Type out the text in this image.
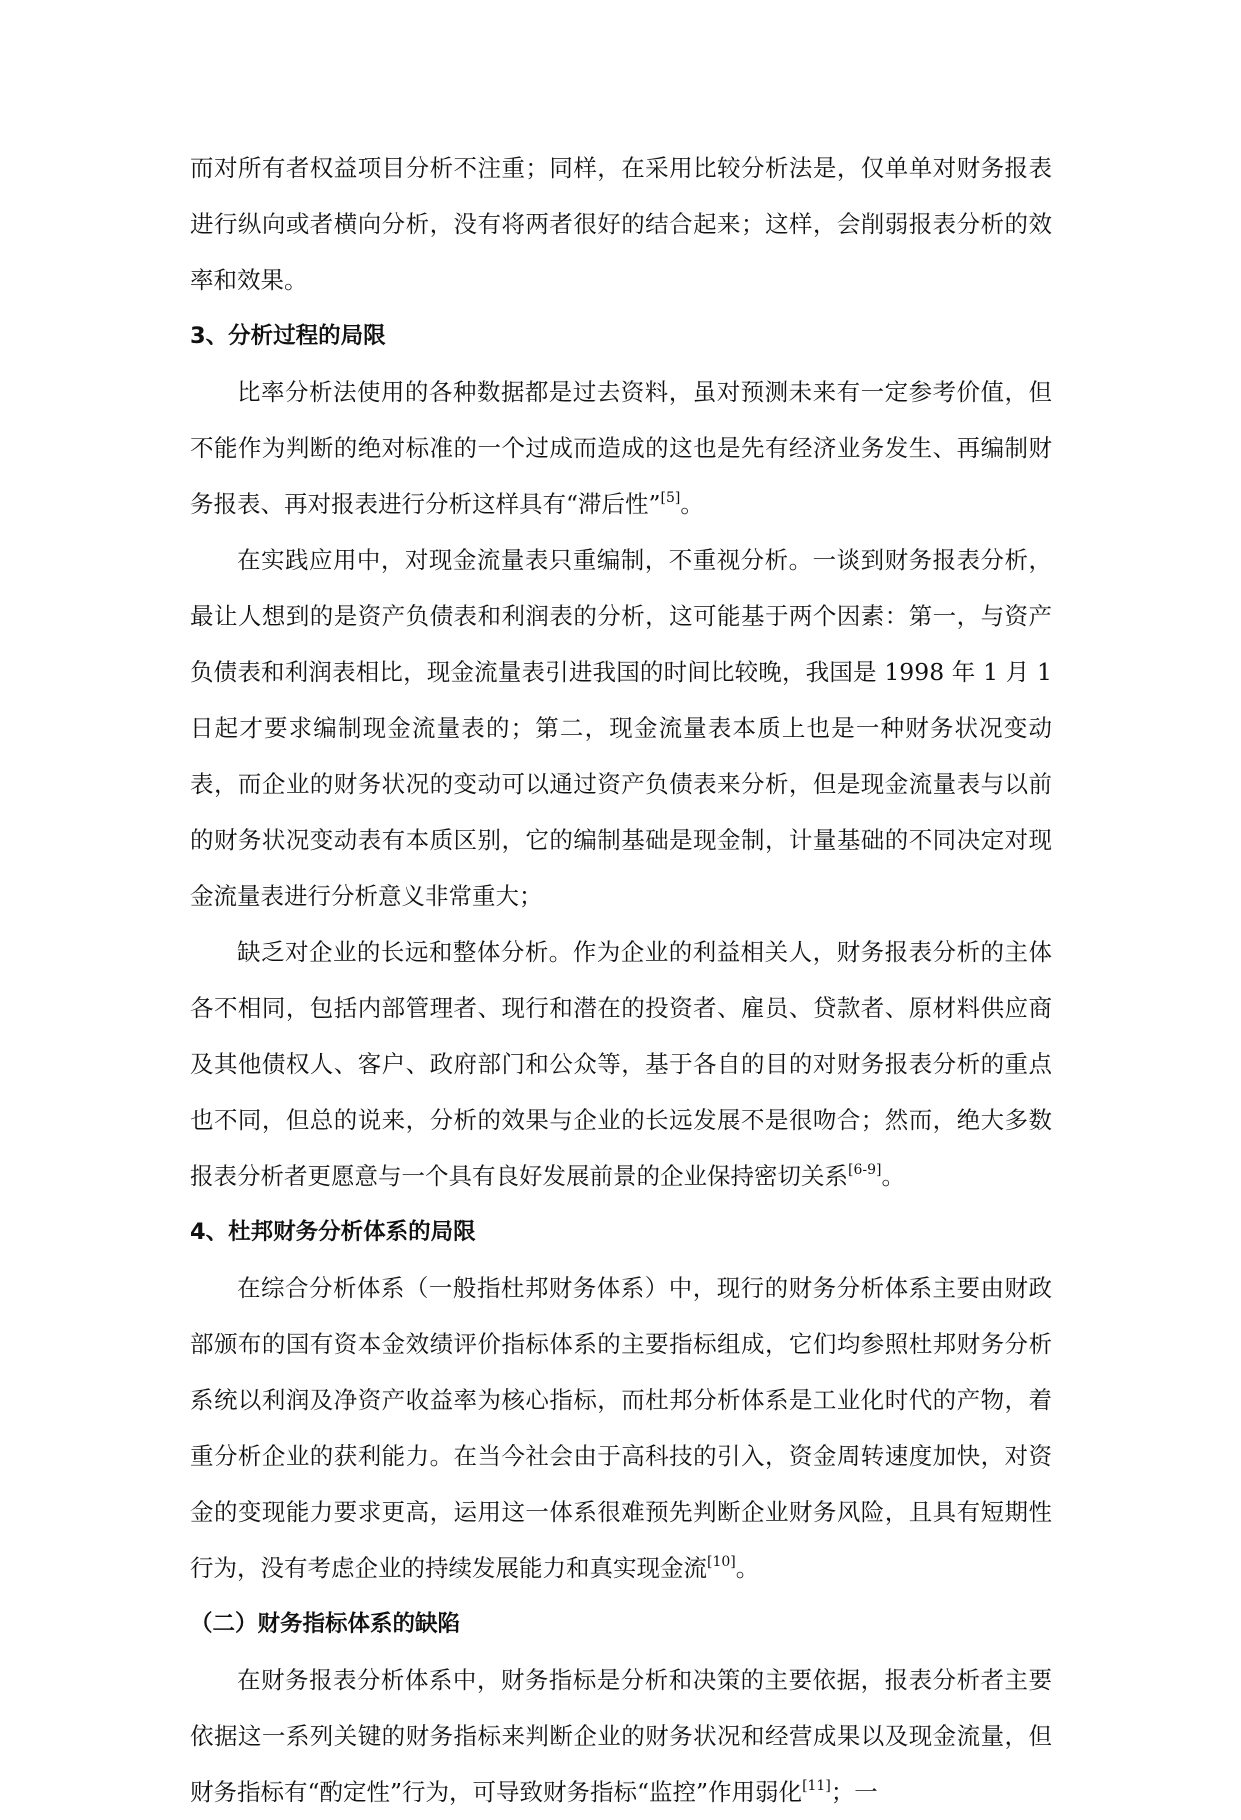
而对所有者权益项目分析不注重；同样，在采用比较分析法是，仅单单对财务报表进行纵向或者横向分析，没有将两者很好的结合起来；这样，会削弱报表分析的效率和效果。

3、分析过程的局限

比率分析法使用的各种数据都是过去资料，虽对预测未来有一定参考价值，但不能作为判断的绝对标准的一个过成而造成的这也是先有经济业务发生、再编制财务报表、再对报表进行分析这样具有“滞后性”[5]。

在实践应用中，对现金流量表只重编制，不重视分析。一谈到财务报表分析，最让人想到的是资产负债表和利润表的分析，这可能基于两个因素：第一，与资产负债表和利润表相比，现金流量表引进我国的时间比较晚，我国是 1998 年 1 月 1 日起才要求编制现金流量表的；第二，现金流量表本质上也是一种财务状况变动表，而企业的财务状况的变动可以通过资产负债表来分析，但是现金流量表与以前的财务状况变动表有本质区别，它的编制基础是现金制，计量基础的不同决定对现金流量表进行分析意义非常重大；

缺乏对企业的长远和整体分析。作为企业的利益相关人，财务报表分析的主体各不相同，包括内部管理者、现行和潜在的投资者、雇员、贷款者、原材料供应商及其他债权人、客户、政府部门和公众等，基于各自的目的对财务报表分析的重点也不同，但总的说来，分析的效果与企业的长远发展不是很吻合；然而，绝大多数报表分析者更愿意与一个具有良好发展前景的企业保持密切关系[6-9]。

4、杜邦财务分析体系的局限

在综合分析体系（一般指杜邦财务体系）中，现行的财务分析体系主要由财政部颁布的国有资本金效绩评价指标体系的主要指标组成，它们均参照杜邦财务分析系统以利润及净资产收益率为核心指标，而杜邦分析体系是工业化时代的产物，着重分析企业的获利能力。在当今社会由于高科技的引入，资金周转速度加快，对资金的变现能力要求更高，运用这一体系很难预先判断企业财务风险，且具有短期性行为，没有考虑企业的持续发展能力和真实现金流[10]。

（二）财务指标体系的缺陷

在财务报表分析体系中，财务指标是分析和决策的主要依据，报表分析者主要依据这一系列关键的财务指标来判断企业的财务状况和经营成果以及现金流量，但财务指标有“酌定性”行为，可导致财务指标“监控”作用弱化[11]；一
